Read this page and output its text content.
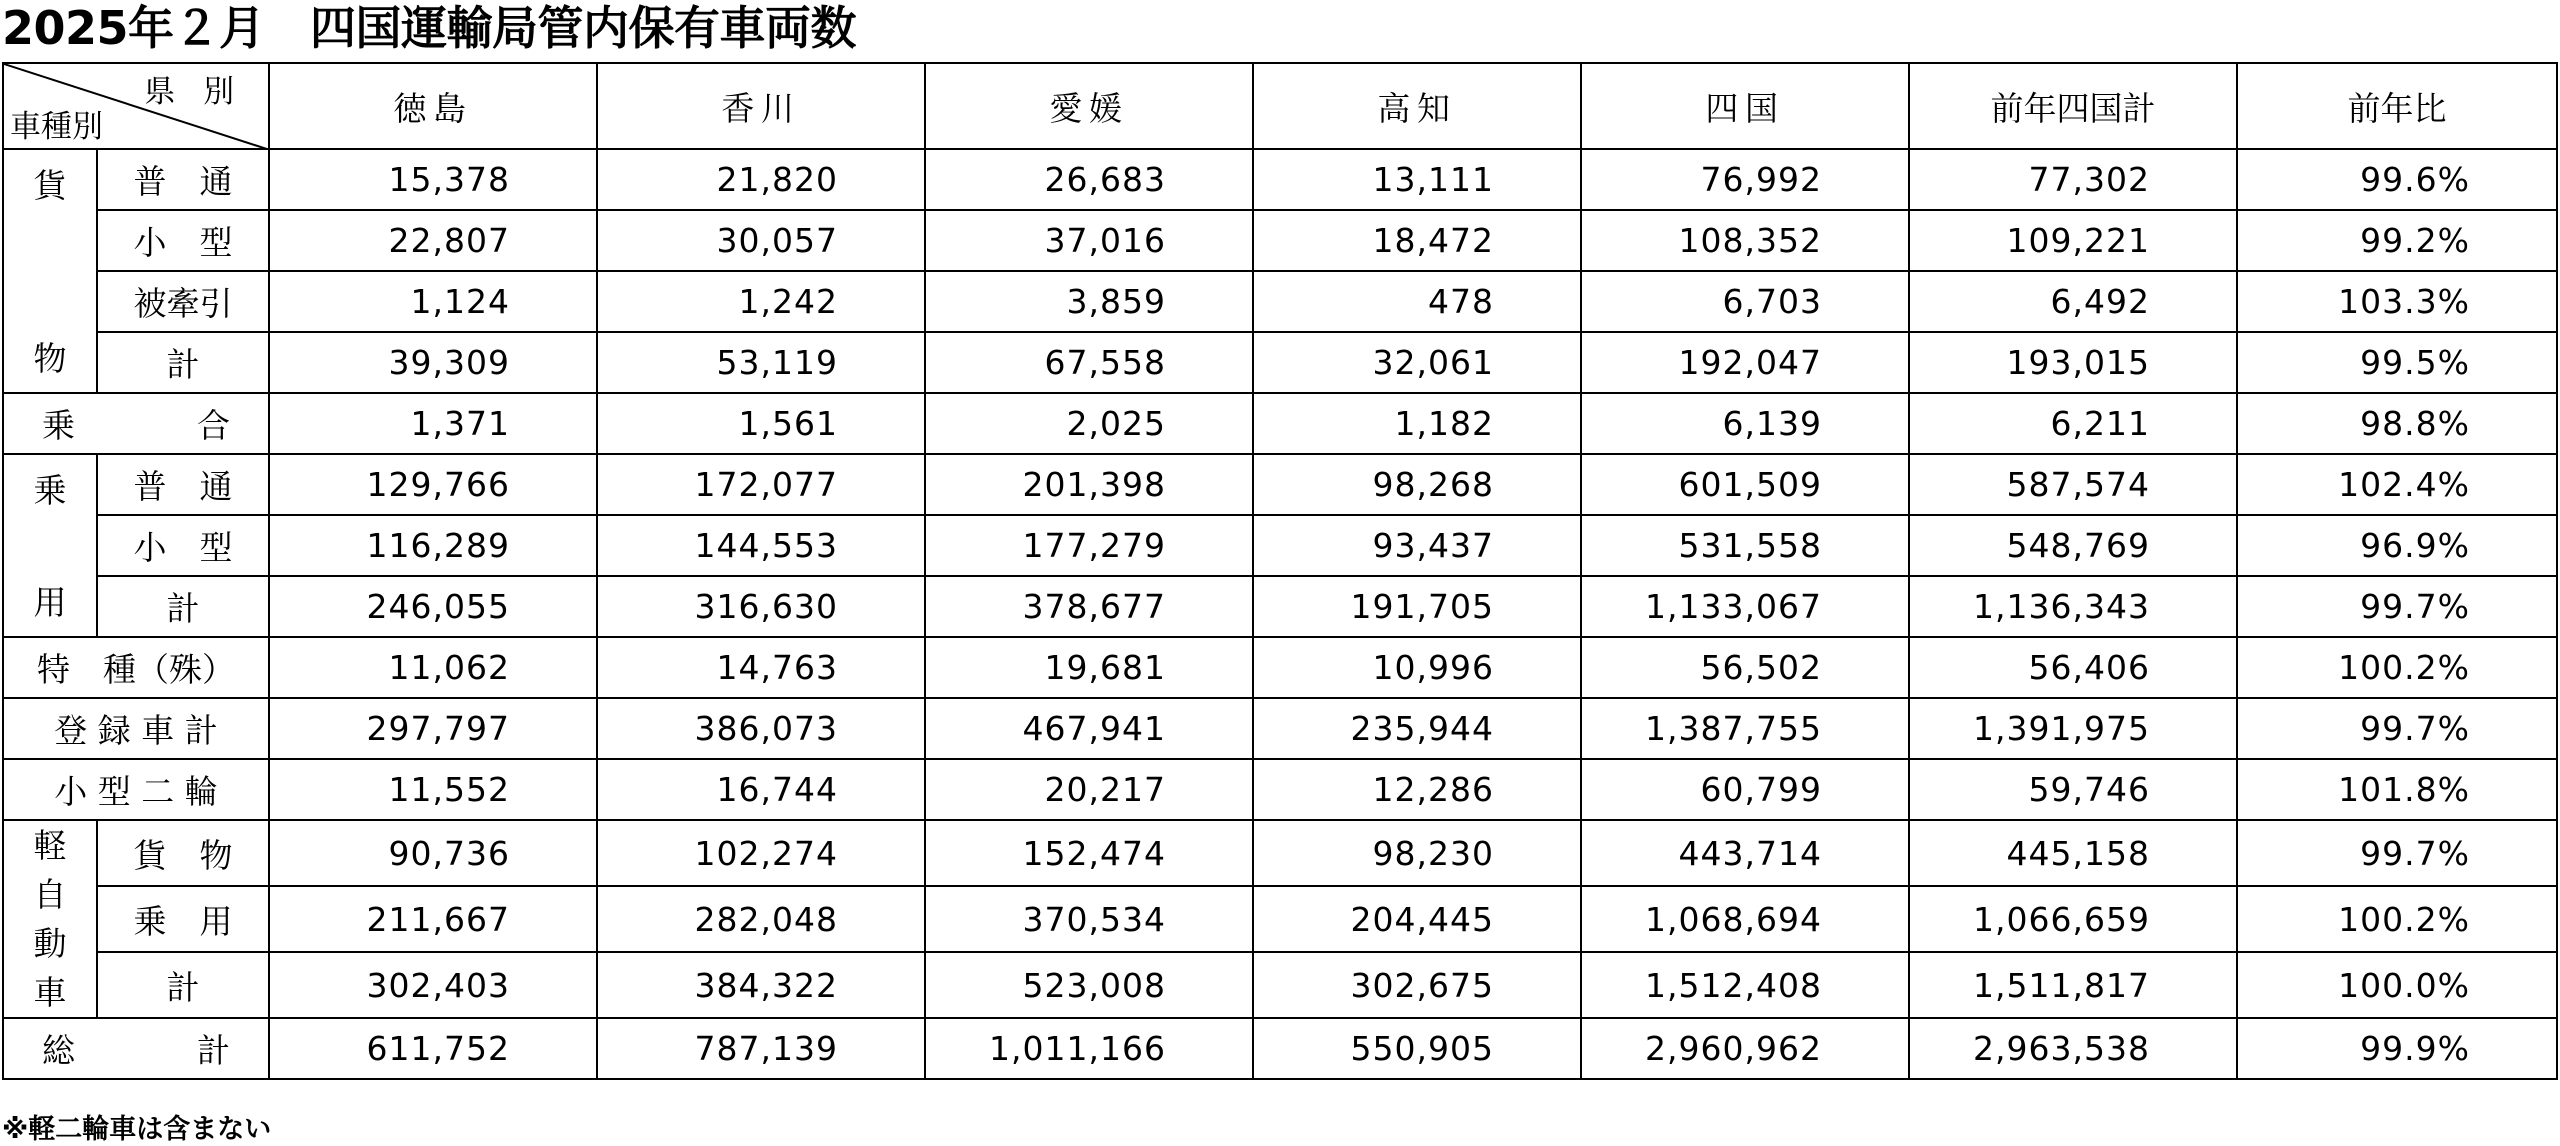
2025年２月　四国運輸局管内保有車両数
県別
車種別		徳島	香川	愛媛	高知	四国	前年四国計	前年比

貨
物	普　通	15,378	21,820	26,683	13,111	76,992	77,302	99.6%
	小　型	22,807	30,057	37,016	18,472	108,352	109,221	99.2%
	被牽引	1,124	1,242	3,859	478	6,703	6,492	103.3%
	計	39,309	53,119	67,558	32,061	192,047	193,015	99.5%

乗 合		1,371	1,561	2,025	1,182	6,139	6,211	98.8%

乗
用	普　通	129,766	172,077	201,398	98,268	601,509	587,574	102.4%
	小　型	116,289	144,553	177,279	93,437	531,558	548,769	96.9%
	計	246,055	316,630	378,677	191,705	1,133,067	1,136,343	99.7%
特　種（殊）		11,062	14,763	19,681	10,996	56,502	56,406	100.2%
登 録 車 計		297,797	386,073	467,941	235,944	1,387,755	1,391,975	99.7%
小 型 二 輪		11,552	16,744	20,217	12,286	60,799	59,746	101.8%
軽
自
動
車	貨　物	90,736	102,274	152,474	98,230	443,714	445,158	99.7%
	乗　用	211,667	282,048	370,534	204,445	1,068,694	1,066,659	100.2%
	計	302,403	384,322	523,008	302,675	1,512,408	1,511,817	100.0%

総 計		611,752	787,139	1,011,166	550,905	2,960,962	2,963,538	99.9%
※軽二輪車は含まない
